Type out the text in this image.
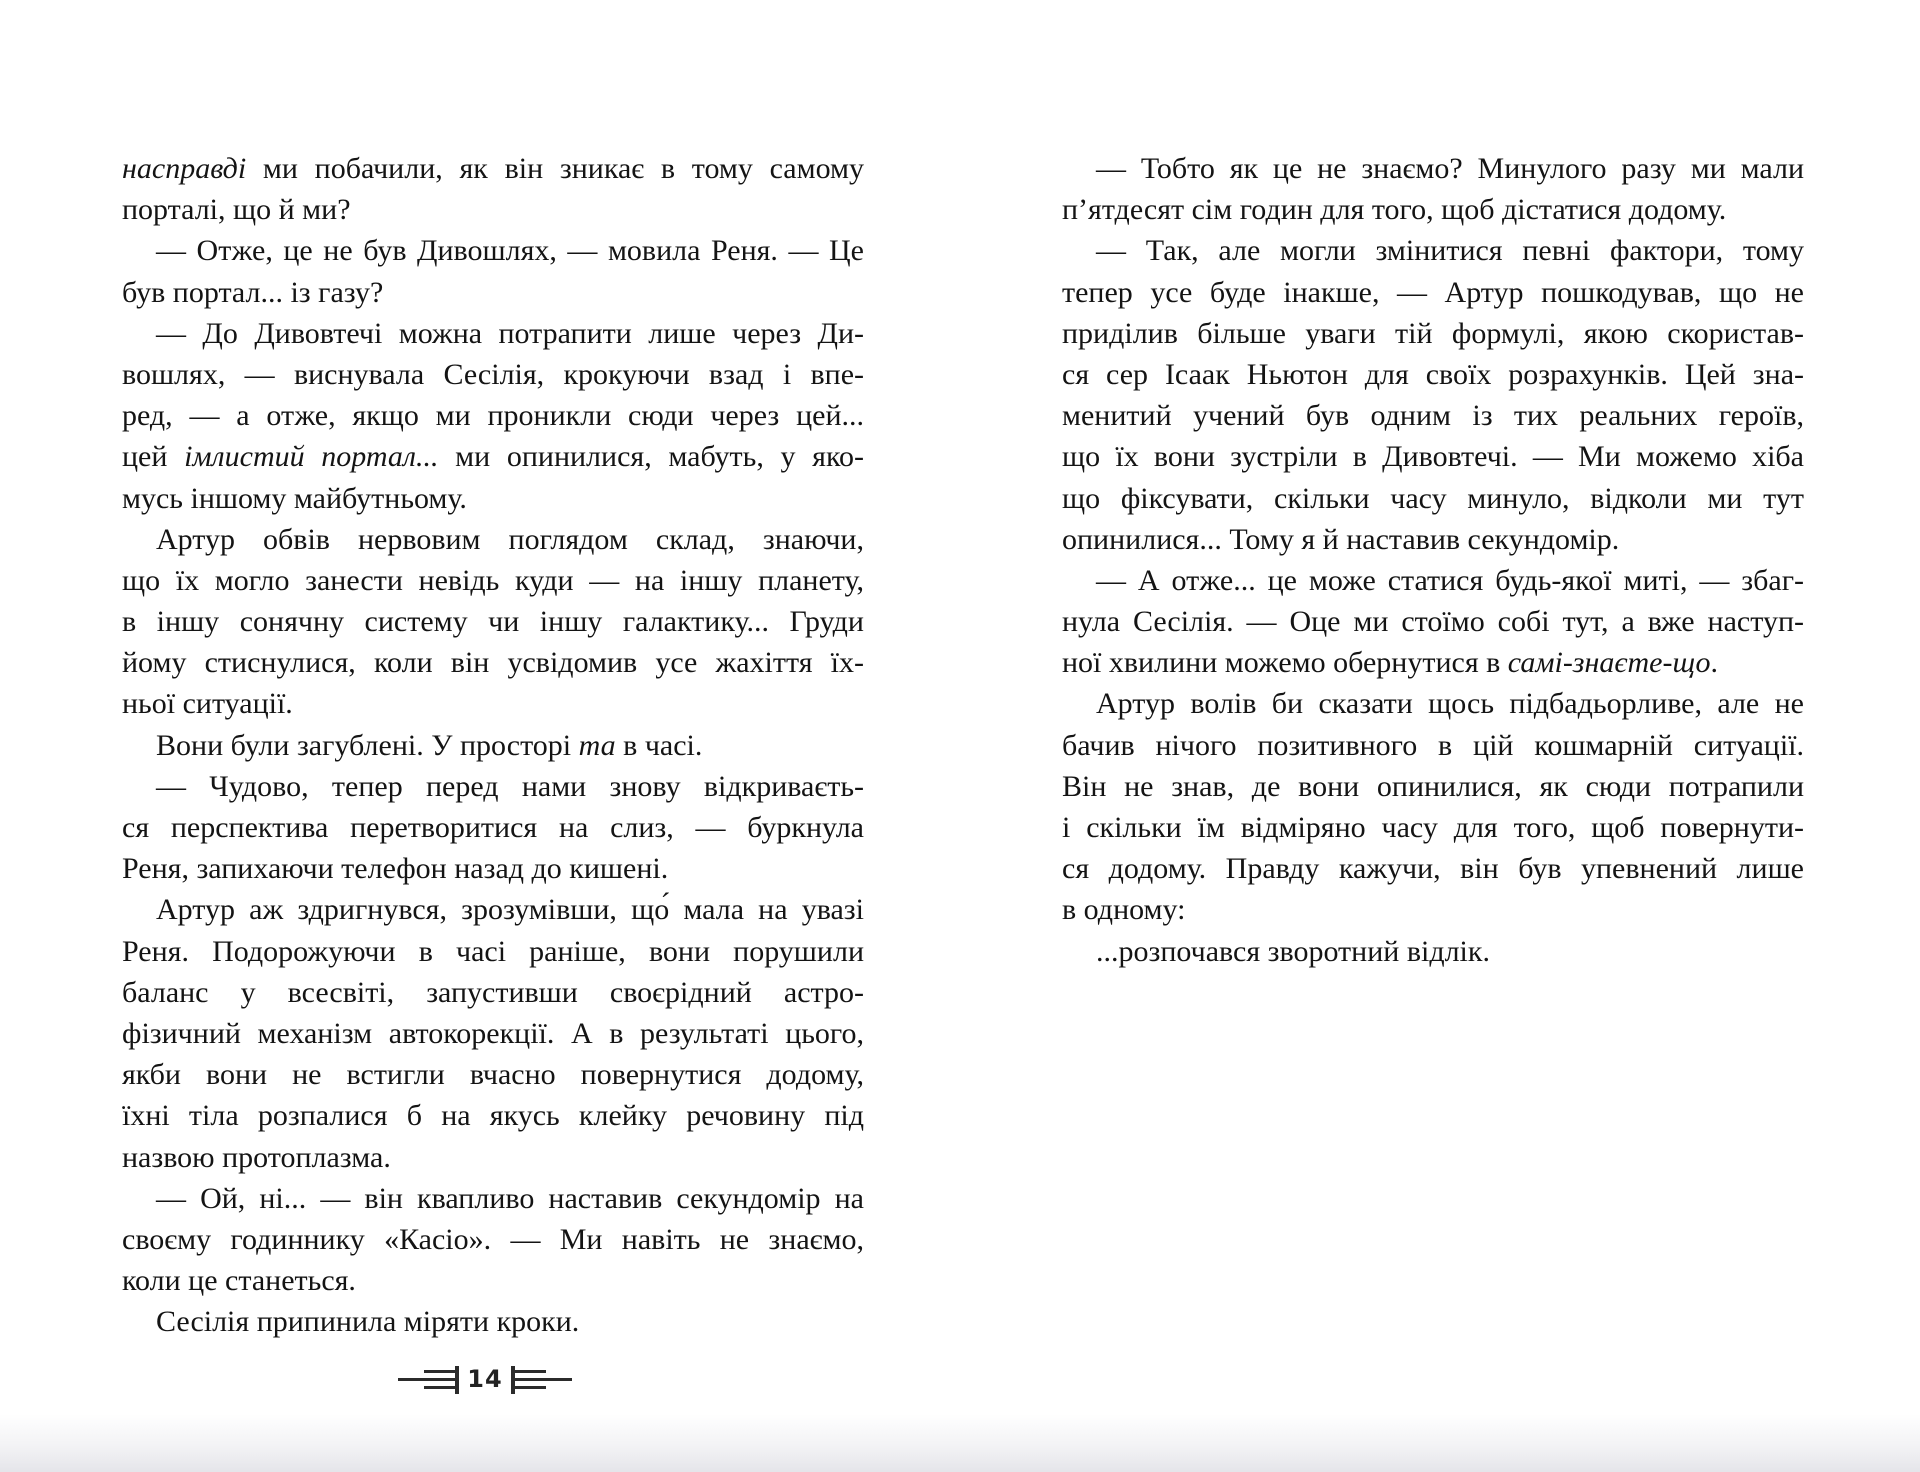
насправді ми побачили, як він зникає в тому самому
порталі, що й ми?
— Отже, це не був Дивошлях, — мовила Реня. — Це
був портал... із газу?
— До Дивовтечі можна потрапити лише через Ди-
вошлях, — виснувала Сесілія, крокуючи взад і впе-
ред, — а отже, якщо ми проникли сюди через цей...
цей імлистий портал... ми опинилися, мабуть, у яко-
мусь іншому майбутньому.
Артур обвів нервовим поглядом склад, знаючи,
що їх могло занести невідь куди — на іншу планету,
в іншу сонячну систему чи іншу галактику... Груди
йому стиснулися, коли він усвідомив усе жахіття їх-
ньої ситуації.
Вони були загублені. У просторі та в часі.
— Чудово, тепер перед нами знову відкриваєть-
ся перспектива перетворитися на слиз, — буркнула
Реня, запихаючи телефон назад до кишені.
Артур аж здригнувся, зрозумівши, що́ мала на увазі
Реня. Подорожуючи в часі раніше, вони порушили
баланс у всесвіті, запустивши своєрідний астро-
фізичний механізм автокорекції. А в результаті цього,
якби вони не встигли вчасно повернутися додому,
їхні тіла розпалися б на якусь клейку речовину під
назвою протоплазма.
— Ой, ні... — він квапливо наставив секундомір на
своєму годиннику «Касіо». — Ми навіть не знаємо,
коли це станеться.
Сесілія припинила міряти кроки.
— Тобто як це не знаємо? Минулого разу ми мали
п’ятдесят сім годин для того, щоб дістатися додому.
— Так, але могли змінитися певні фактори, тому
тепер усе буде інакше, — Артур пошкодував, що не
приділив більше уваги тій формулі, якою скористав-
ся сер Ісаак Ньютон для своїх розрахунків. Цей зна-
менитий учений був одним із тих реальних героїв,
що їх вони зустріли в Дивовтечі. — Ми можемо хіба
що фіксувати, скільки часу минуло, відколи ми тут
опинилися... Тому я й наставив секундомір.
— А отже... це може статися будь-якої миті, — збаг-
нула Сесілія. — Оце ми стоїмо собі тут, а вже наступ-
ної хвилини можемо обернутися в самі-знаєте-що.
Артур волів би сказати щось підбадьорливе, але не
бачив нічого позитивного в цій кошмарній ситуації.
Він не знав, де вони опинилися, як сюди потрапили
і скільки їм відміряно часу для того, щоб повернути-
ся додому. Правду кажучи, він був упевнений лише
в одному:
...розпочався зворотний відлік.
14
